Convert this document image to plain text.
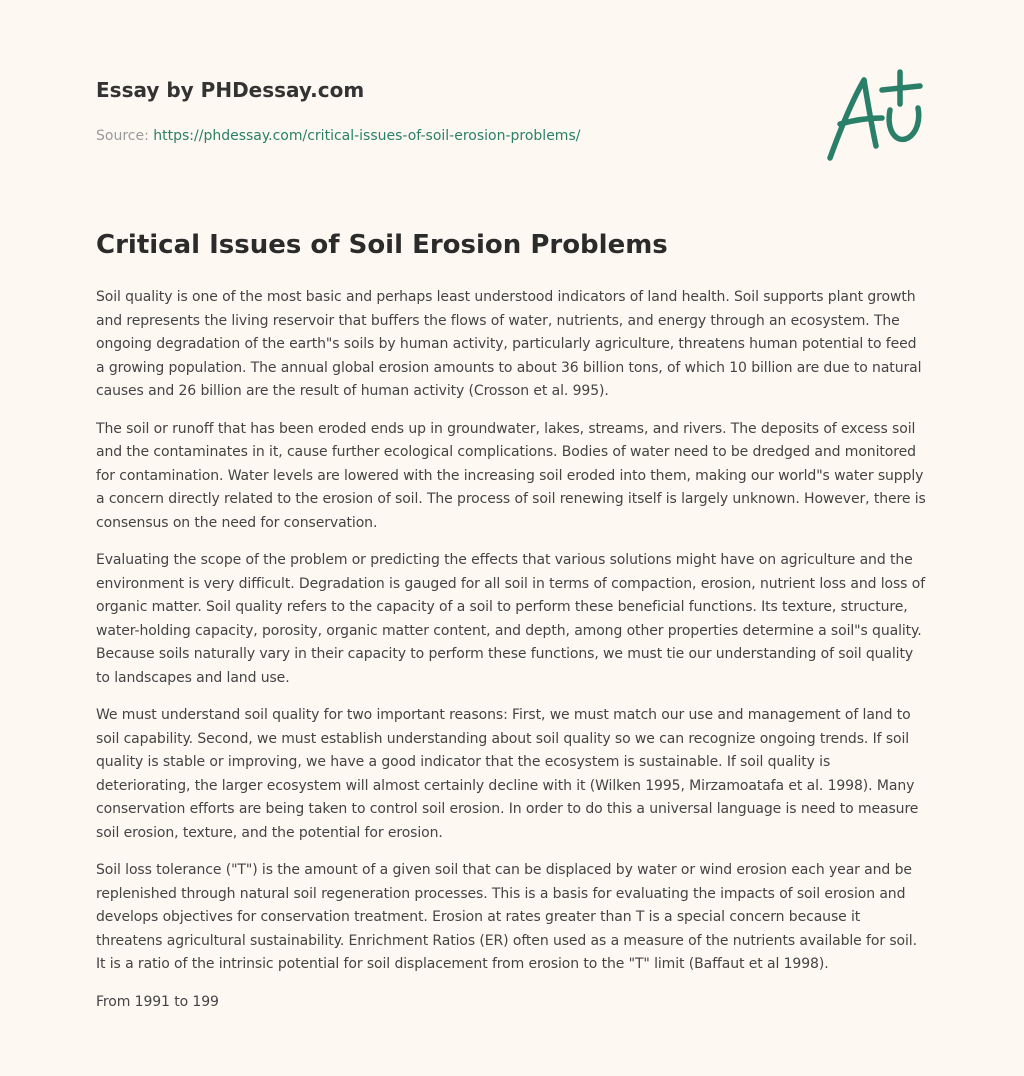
Essay by PHDessay.com
Source: https://phdessay.com/critical-issues-of-soil-erosion-problems/
Critical Issues of Soil Erosion Problems

Soil quality is one of the most basic and perhaps least understood indicators of land health. Soil supports plant growth and represents the living reservoir that buffers the flows of water, nutrients, and energy through an ecosystem. The ongoing degradation of the earth"s soils by human activity, particularly agriculture, threatens human potential to feed a growing population. The annual global erosion amounts to about 36 billion tons, of which 10 billion are due to natural causes and 26 billion are the result of human activity (Crosson et al. 995).

The soil or runoff that has been eroded ends up in groundwater, lakes, streams, and rivers. The deposits of excess soil and the contaminates in it, cause further ecological complications. Bodies of water need to be dredged and monitored for contamination. Water levels are lowered with the increasing soil eroded into them, making our world"s water supply a concern directly related to the erosion of soil. The process of soil renewing itself is largely unknown. However, there is consensus on the need for conservation.

Evaluating the scope of the problem or predicting the effects that various solutions might have on agriculture and the environment is very difficult. Degradation is gauged for all soil in terms of compaction, erosion, nutrient loss and loss of organic matter. Soil quality refers to the capacity of a soil to perform these beneficial functions. Its texture, structure, water-holding capacity, porosity, organic matter content, and depth, among other properties determine a soil"s quality. Because soils naturally vary in their capacity to perform these functions, we must tie our understanding of soil quality to landscapes and land use.

We must understand soil quality for two important reasons: First, we must match our use and management of land to soil capability. Second, we must establish understanding about soil quality so we can recognize ongoing trends. If soil quality is stable or improving, we have a good indicator that the ecosystem is sustainable. If soil quality is deteriorating, the larger ecosystem will almost certainly decline with it (Wilken 1995, Mirzamoatafa et al. 1998). Many conservation efforts are being taken to control soil erosion. In order to do this a universal language is need to measure soil erosion, texture, and the potential for erosion.

Soil loss tolerance ("T") is the amount of a given soil that can be displaced by water or wind erosion each year and be replenished through natural soil regeneration processes. This is a basis for evaluating the impacts of soil erosion and develops objectives for conservation treatment. Erosion at rates greater than T is a special concern because it threatens agricultural sustainability. Enrichment Ratios (ER) often used as a measure of the nutrients available for soil. It is a ratio of the intrinsic potential for soil displacement from erosion to the "T" limit (Baffaut et al 1998).

From 1991 to 199
